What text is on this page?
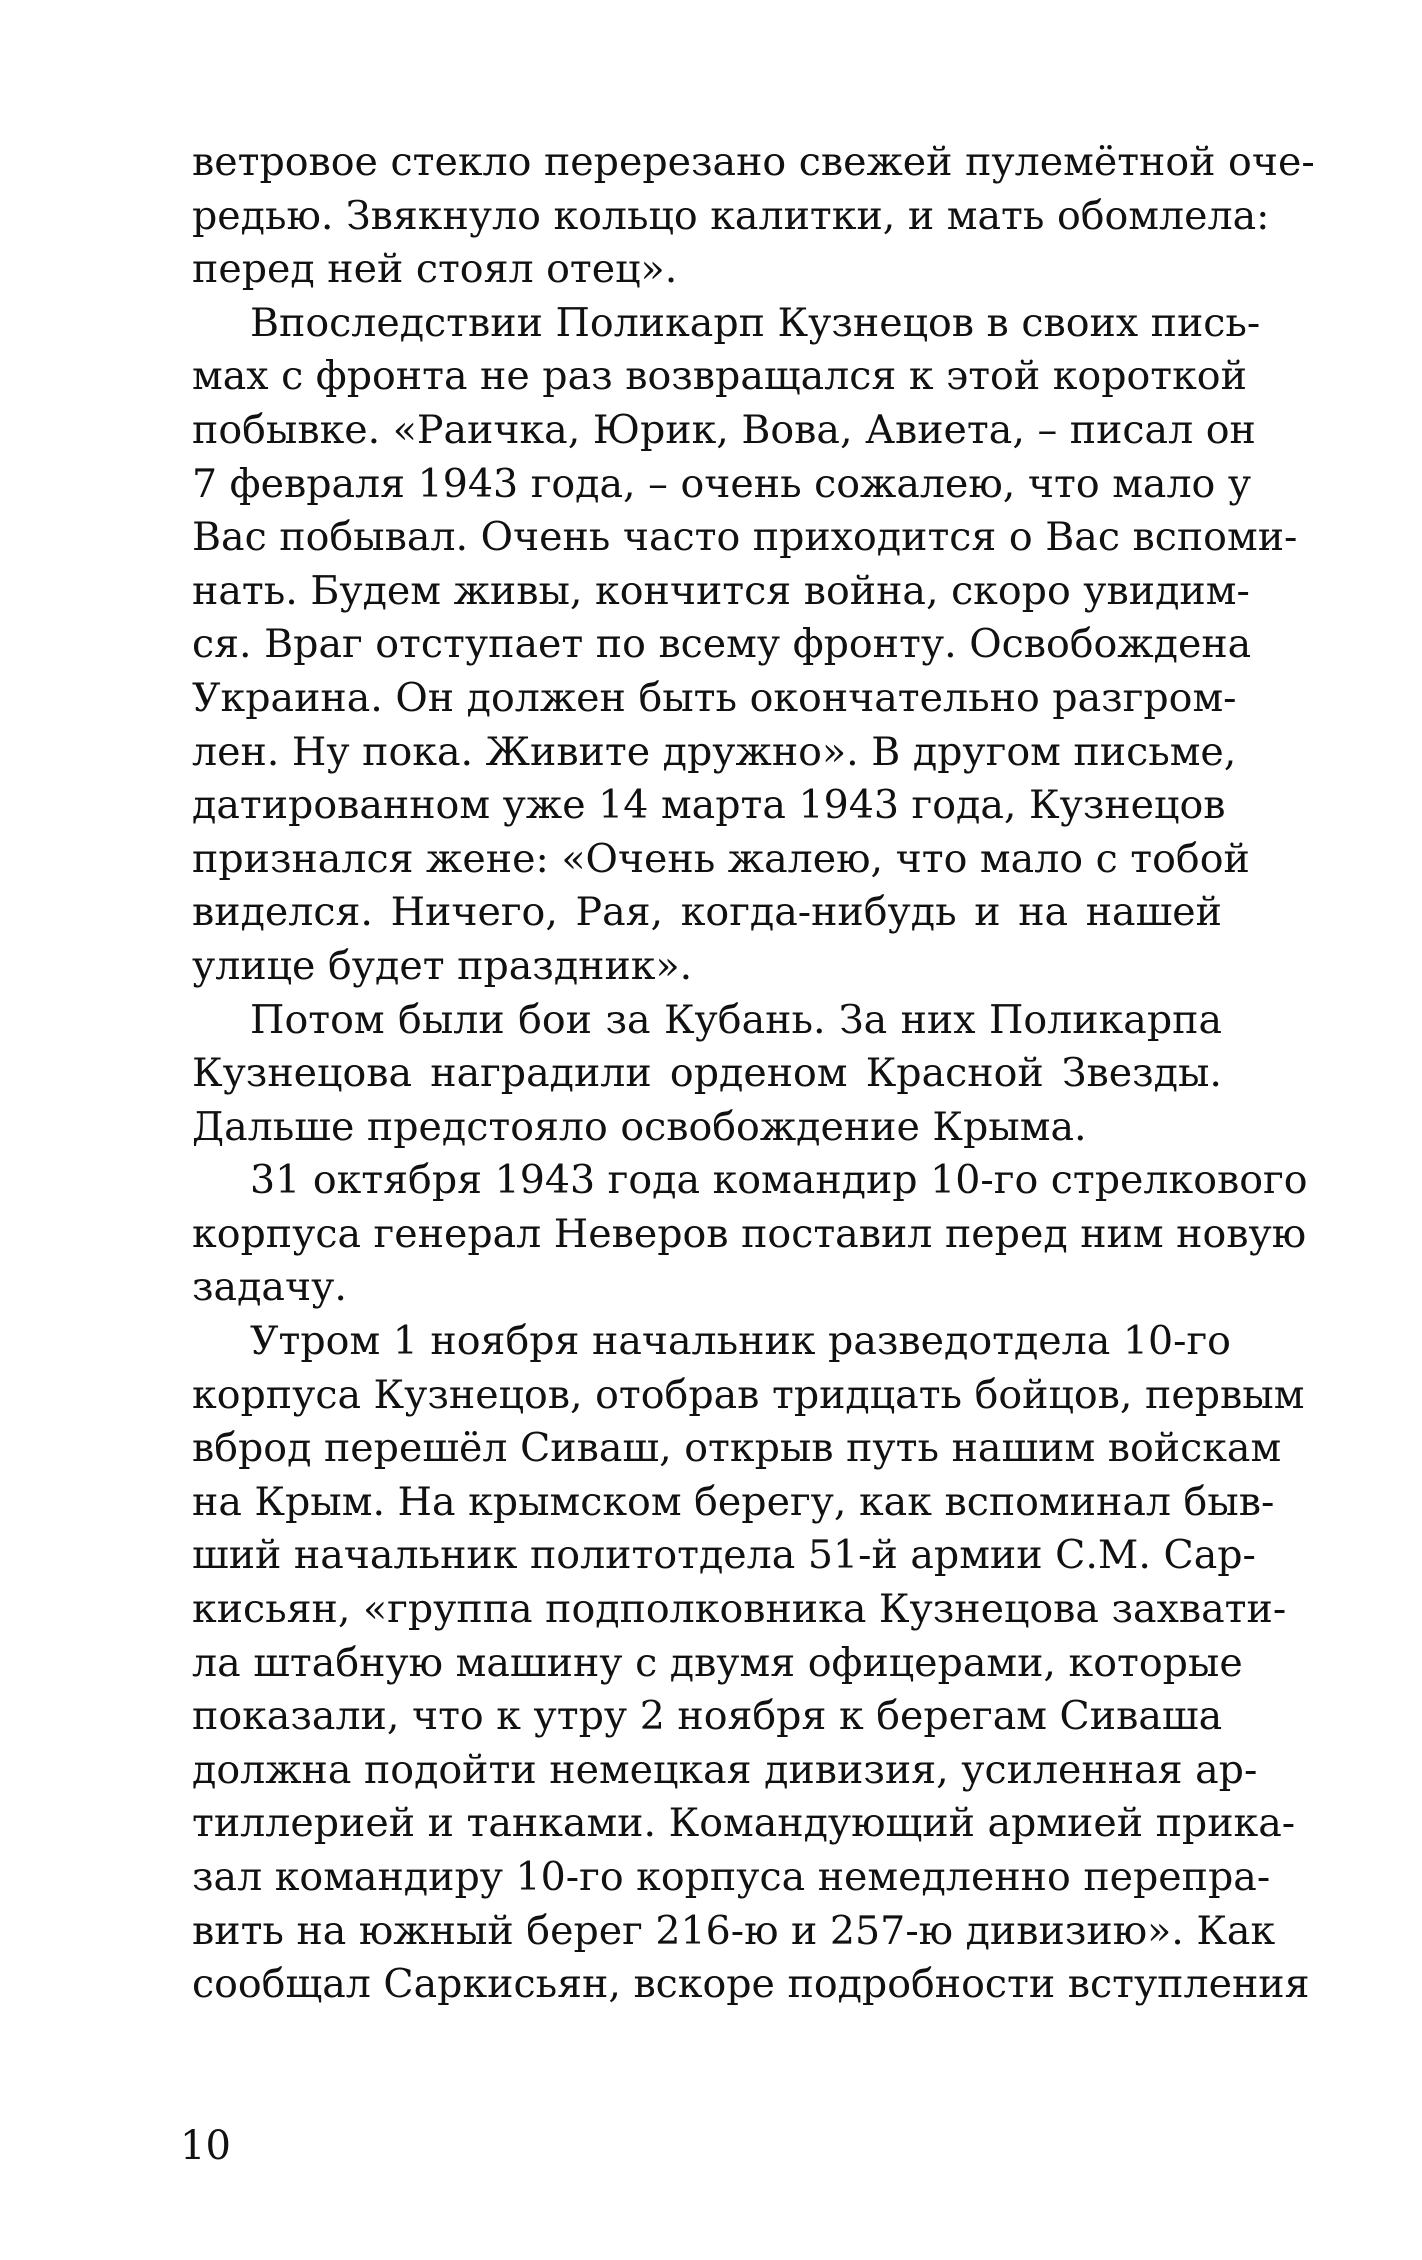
ветровое стекло перерезано свежей пулемётной оче-
редью. Звякнуло кольцо калитки, и мать обомлела:
перед ней стоял отец».
Впоследствии Поликарп Кузнецов в своих пись-
мах с фронта не раз возвращался к этой короткой
побывке. «Раичка, Юрик, Вова, Авиета, – писал он
7 февраля 1943 года, – очень сожалею, что мало у
Вас побывал. Очень часто приходится о Вас вспоми-
нать. Будем живы, кончится война, скоро увидим-
ся. Враг отступает по всему фронту. Освобождена
Украина. Он должен быть окончательно разгром-
лен. Ну пока. Живите дружно». В другом письме,
датированном уже 14 марта 1943 года, Кузнецов
признался жене: «Очень жалею, что мало с тобой
виделся. Ничего, Рая, когда-нибудь и на нашей
улице будет праздник».
Потом были бои за Кубань. За них Поликарпа
Кузнецова наградили орденом Красной Звезды.
Дальше предстояло освобождение Крыма.
31 октября 1943 года командир 10-го стрелкового
корпуса генерал Неверов поставил перед ним новую
задачу.
Утром 1 ноября начальник разведотдела 10-го
корпуса Кузнецов, отобрав тридцать бойцов, первым
вброд перешёл Сиваш, открыв путь нашим войскам
на Крым. На крымском берегу, как вспоминал быв-
ший начальник политотдела 51-й армии С.М. Сар-
кисьян, «группа подполковника Кузнецова захвати-
ла штабную машину с двумя офицерами, которые
показали, что к утру 2 ноября к берегам Сиваша
должна подойти немецкая дивизия, усиленная ар-
тиллерией и танками. Командующий армией прика-
зал командиру 10-го корпуса немедленно перепра-
вить на южный берег 216-ю и 257-ю дивизию». Как
сообщал Саркисьян, вскоре подробности вступления
10
